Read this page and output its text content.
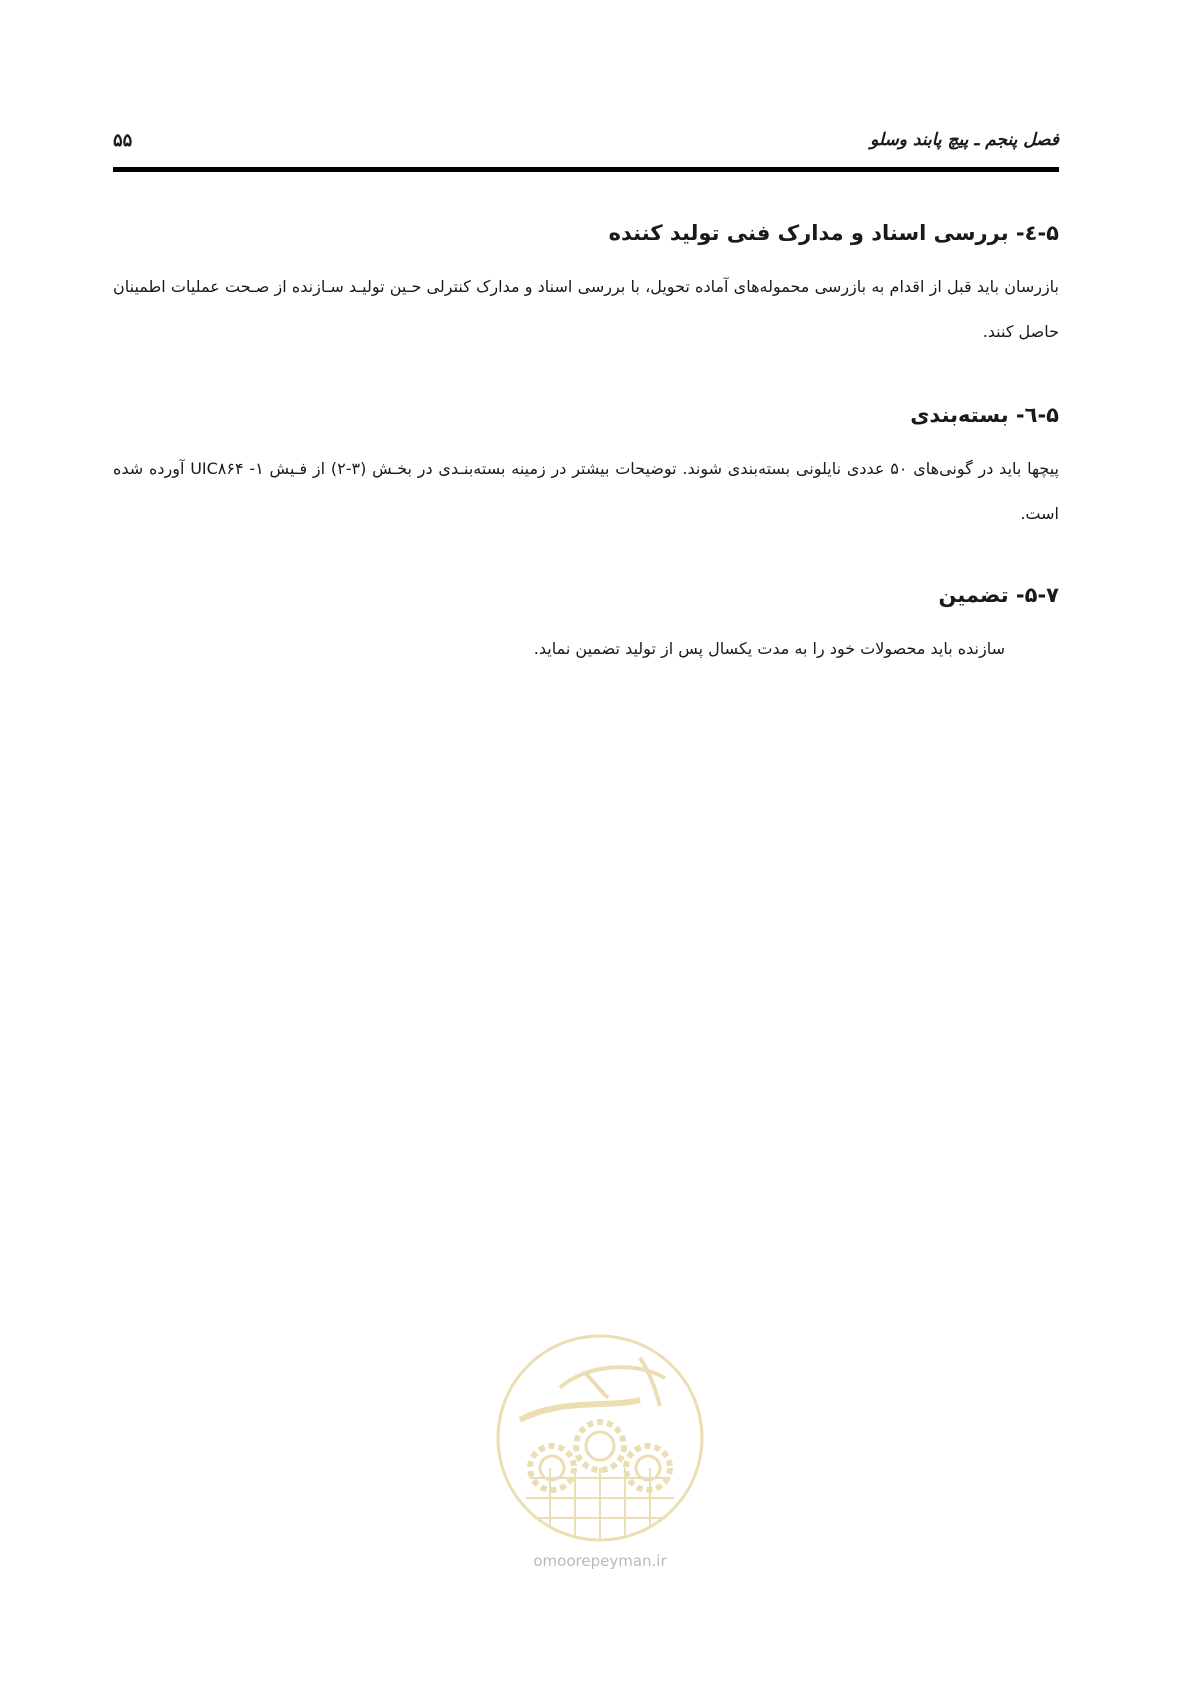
فصل پنجم ـ پیچ پابند وسلو
۵۵
۵-٤- بررسی اسناد و مدارک فنی تولید کننده

بازرسان باید قبل از اقدام به بازرسی محموله‌های آماده تحویل، با بررسی اسناد و مدارک کنترلی حـین تولیـد سـازنده از صـحت عملیات اطمینان حاصل کنند.

۵-٦- بسته‌بندی

پیچها باید در گونی‌های ۵۰ عددی نایلونی بسته‌بندی شوند. توضیحات بیشتر در زمینه بسته‌بنـدی در بخـش (۳-۲) از فـیش ۱- UIC۸۶۴ آورده شده است.

۵-۷- تضمین

سازنده باید محصولات خود را به مدت یکسال پس از تولید تضمین نماید.

omoorepeyman.ir
